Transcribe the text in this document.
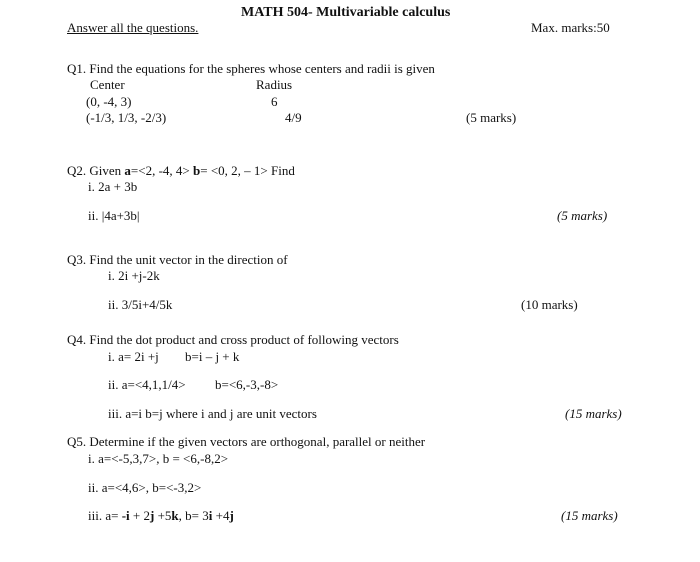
MATH 504- Multivariable calculus
Answer all the questions.	Max. marks:50
Q1. Find the equations for the spheres whose centers and radii is given
Center	Radius
(0, -4, 3)	6
(-1/3, 1/3, -2/3)	4/9	(5 marks)
Q2. Given a=<2, -4, 4> b= <0, 2, – 1> Find
i. 2a + 3b
ii. |4a+3b|	(5 marks)
Q3. Find the unit vector in the direction of
i. 2i +j-2k
ii. 3/5i+4/5k	(10 marks)
Q4. Find the dot product and cross product of following vectors
i. a= 2i +j b=i – j + k
ii. a=<4,1,1/4> b=<6,-3,-8>
iii. a=i b=j where i and j are unit vectors	(15 marks)
Q5. Determine if the given vectors are orthogonal, parallel or neither
i. a=<-5,3,7>, b = <6,-8,2>
ii. a=<4,6>, b=<-3,2>
iii. a= -i + 2j +5k, b= 3i +4j	(15 marks)
